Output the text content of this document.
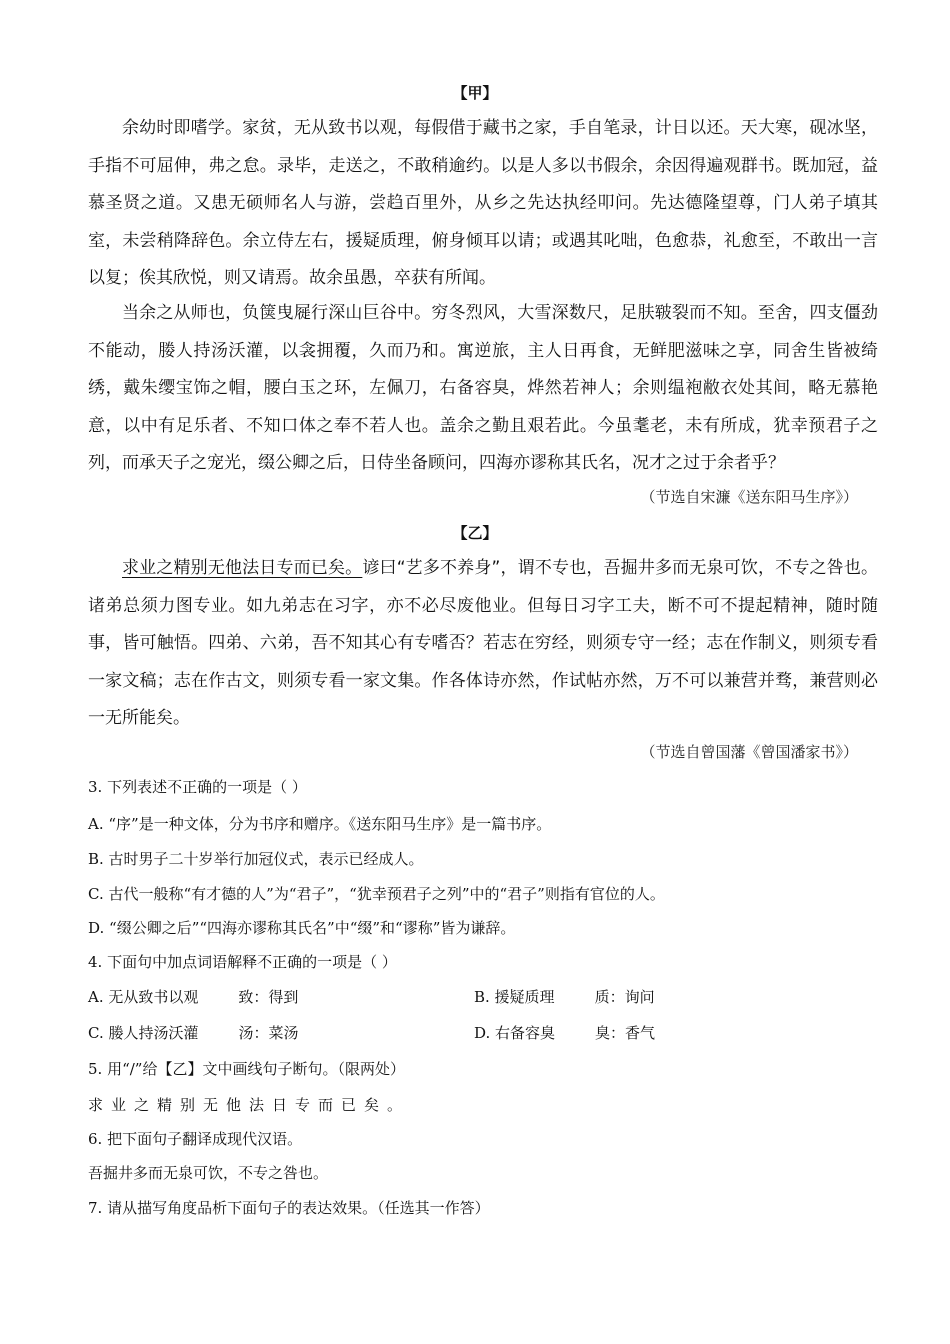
【甲】
余幼时即嗜学。家贫，无从致书以观，每假借于藏书之家，手自笔录，计日以还。天大寒，砚冰坚，手指不可屈伸，弗之怠。录毕，走送之，不敢稍逾约。以是人多以书假余，余因得遍观群书。既加冠，益慕圣贤之道。又患无硕师名人与游，尝趋百里外，从乡之先达执经叩问。先达德隆望尊，门人弟子填其室，未尝稍降辞色。余立侍左右，援疑质理，俯身倾耳以请；或遇其叱咄，色愈恭，礼愈至，不敢出一言以复；俟其欣悦，则又请焉。故余虽愚，卒获有所闻。
当余之从师也，负箧曳屣行深山巨谷中。穷冬烈风，大雪深数尺，足肤皲裂而不知。至舍，四支僵劲不能动，媵人持汤沃灌，以衾拥覆，久而乃和。寓逆旅，主人日再食，无鲜肥滋味之享，同舍生皆被绮绣，戴朱缨宝饰之帽，腰白玉之环，左佩刀，右备容臭，烨然若神人；余则缊袍敝衣处其间，略无慕艳意，以中有足乐者、不知口体之奉不若人也。盖余之勤且艰若此。今虽耄老，未有所成，犹幸预君子之列，而承天子之宠光，缀公卿之后，日侍坐备顾问，四海亦谬称其氏名，况才之过于余者乎？
（节选自宋濂《送东阳马生序》）
【乙】
求业之精别无他法日专而已矣。谚曰“艺多不养身”，谓不专也，吾掘井多而无泉可饮，不专之咎也。诸弟总须力图专业。如九弟志在习字，亦不必尽废他业。但每日习字工夫，断不可不提起精神，随时随事，皆可触悟。四弟、六弟，吾不知其心有专嗜否？若志在穷经，则须专守一经；志在作制义，则须专看一家文稿；志在作古文，则须专看一家文集。作各体诗亦然，作试帖亦然，万不可以兼营并骛，兼营则必一无所能矣。
（节选自曾国藩《曾国潘家书》）
3. 下列表述不正确的一项是（ ）
A. “序”是一种文体，分为书序和赠序。《送东阳马生序》是一篇书序。
B. 古时男子二十岁举行加冠仪式，表示已经成人。
C. 古代一般称“有才德的人”为“君子”，“犹幸预君子之列”中的“君子”则指有官位的人。
D. “缀公卿之后”“四海亦谬称其氏名”中“缀”和“谬称”皆为谦辞。
4. 下面句中加点词语解释不正确的一项是（ ）
A. 无从致书以观	致：得到	B. 援疑质理	质：询问
C. 媵人持汤沃灌	汤：菜汤	D. 右备容臭	臭：香气
5. 用“/”给【乙】文中画线句子断句。（限两处）
求业之精别无他法日专而已矣。
6. 把下面句子翻译成现代汉语。
吾掘井多而无泉可饮，不专之咎也。
7. 请从描写角度品析下面句子的表达效果。（任选其一作答）
